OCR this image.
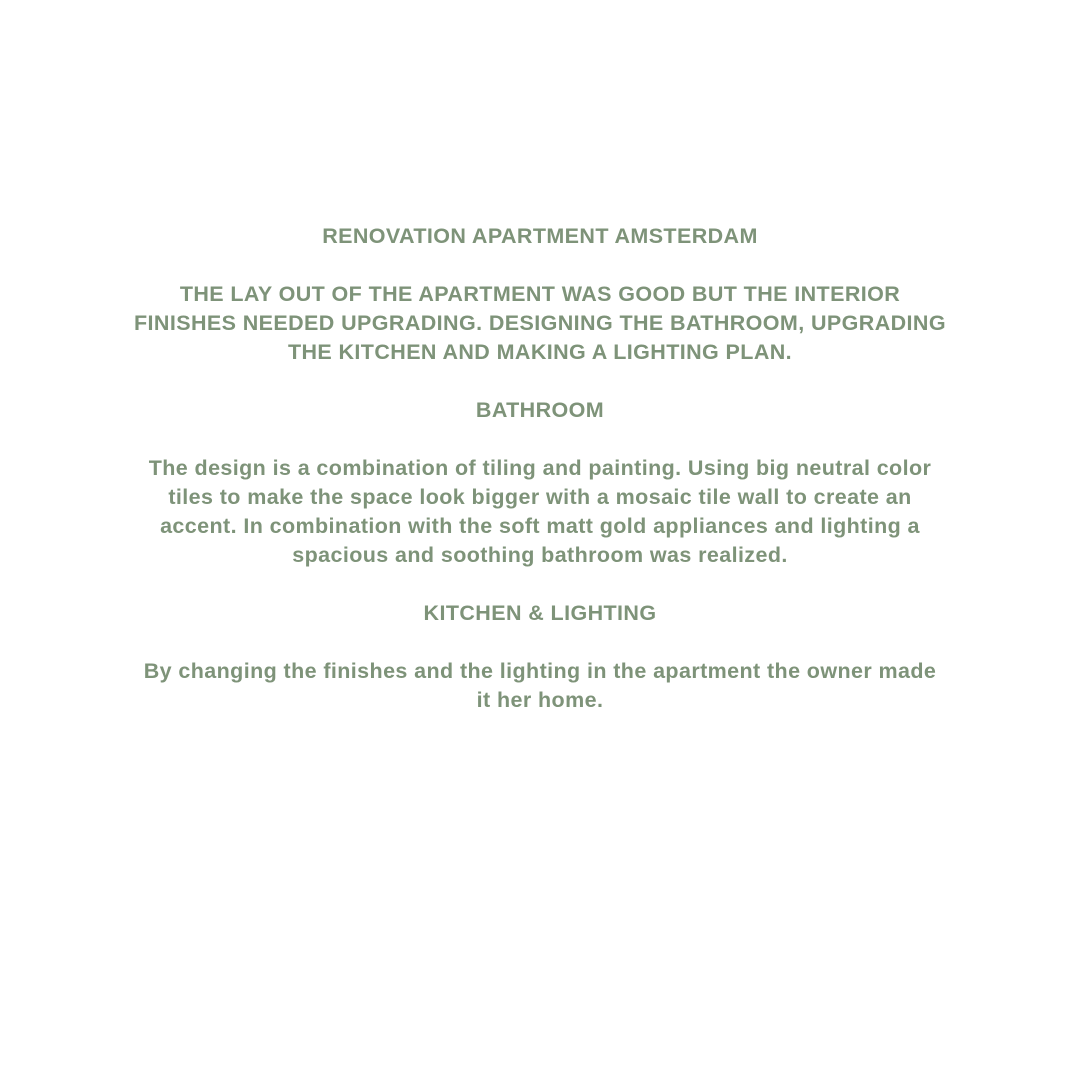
RENOVATION APARTMENT AMSTERDAM

THE LAY OUT OF THE APARTMENT WAS GOOD BUT THE INTERIOR FINISHES NEEDED UPGRADING. DESIGNING THE BATHROOM, UPGRADING THE KITCHEN AND MAKING A LIGHTING PLAN.

BATHROOM

The design is a combination of tiling and painting. Using big neutral color tiles to make the space look bigger with a mosaic tile wall to create an accent. In combination with the soft matt gold appliances and lighting a spacious and soothing bathroom was realized.

KITCHEN & LIGHTING

By changing the finishes and the lighting in the apartment the owner made it her home.
